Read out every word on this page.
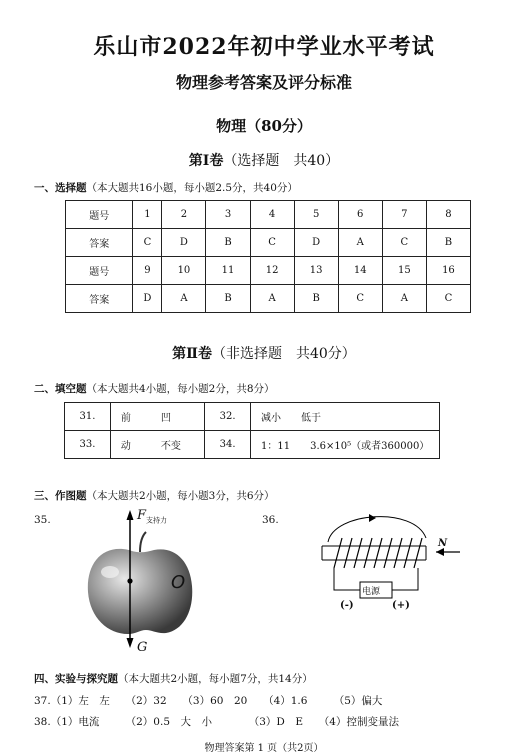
乐山市2022年初中学业水平考试
物理参考答案及评分标准
物理（80分）
第Ⅰ卷（选择题　共40）
一、选择题（本大题共16小题，每小题2.5分，共40分）
题号	1	2	3	4	5	6	7	8
答案	C	D	B	C	D	A	C	B
题号	9	10	11	12	13	14	15	16
答案	D	A	B	A	B	C	A	C
第Ⅱ卷（非选择题　共40分）
二、填空题（本大题共4小题，每小题2分，共8分）
31.	前　　　凹	32.	减小　　低于
33.	动　　　不变	34.	1：11　　3.6×10⁵（或者360000）
三、作图题（本大题共2小题，每小题3分，共6分）
35.	36.
$F_{支持力}$
O
G
N
电源
(-)	(+)
四、实验与探究题（本大题共2小题，每小题7分，共14分）
37.（1）左　左　　（2）32　　（3）60　20　　（4）1.6　　　（5）偏大
38.（1）电流　　　（2）0.5　大　小　　　　（3）D　E　　（4）控制变量法
物理答案第 1 页（共2页）
